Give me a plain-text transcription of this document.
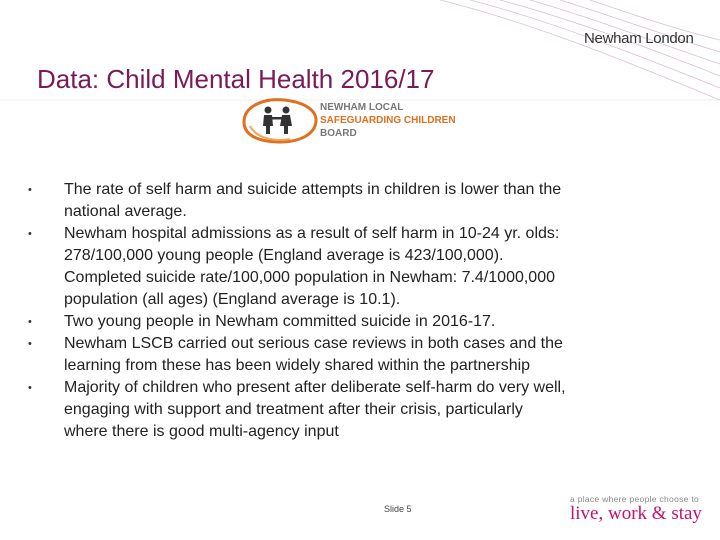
Newham London
Data: Child Mental Health 2016/17
NEWHAM LOCAL
SAFEGUARDING CHILDREN
BOARD
• The rate of self harm and suicide attempts in children is lower than the national average.
• Newham hospital admissions as a result of self harm in 10-24 yr. olds: 278/100,000 young people (England average is 423/100,000). Completed suicide rate/100,000 population in Newham: 7.4/1000,000 population (all ages) (England average is 10.1).
• Two young people in Newham committed suicide in 2016-17.
• Newham LSCB carried out serious case reviews in both cases and the learning from these has been widely shared within the partnership
• Majority of children who present after deliberate self-harm do very well, engaging with support and treatment after their crisis, particularly where there is good multi-agency input
Slide 5
a place where people choose to
live, work & stay
